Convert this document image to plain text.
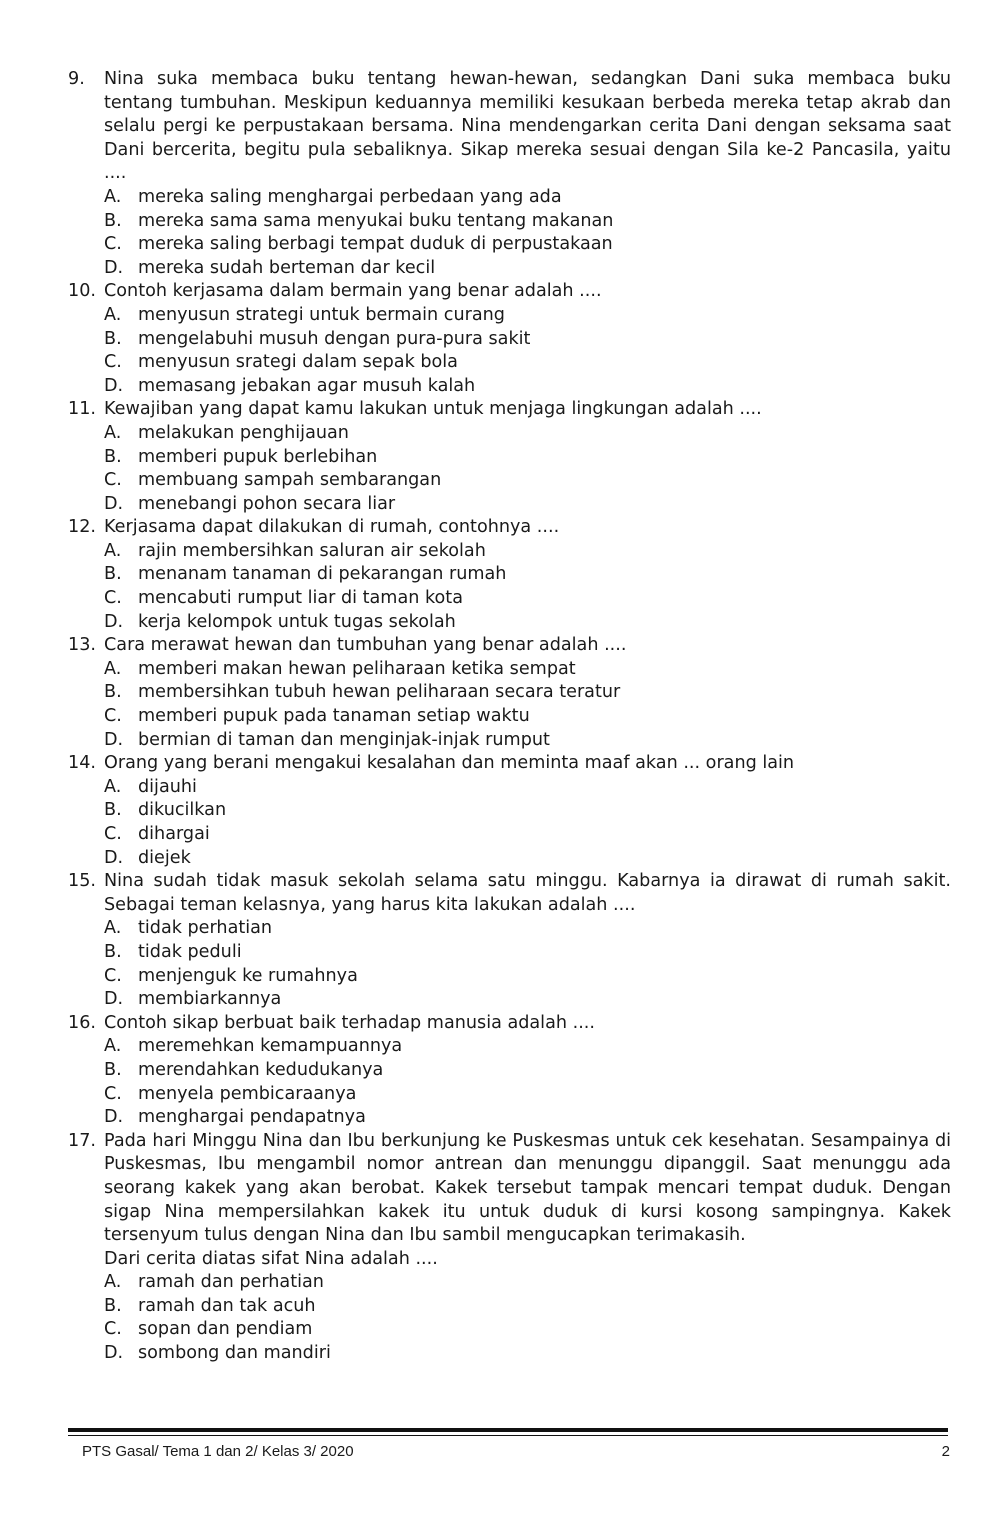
9.	Nina suka membaca buku tentang hewan-hewan, sedangkan Dani suka membaca buku tentang tumbuhan. Meskipun keduannya memiliki kesukaan berbeda mereka tetap akrab dan selalu pergi ke perpustakaan bersama. Nina mendengarkan cerita Dani dengan seksama saat Dani bercerita, begitu pula sebaliknya. Sikap mereka sesuai dengan Sila ke-2 Pancasila, yaitu ....
A. mereka saling menghargai perbedaan yang ada
B. mereka sama sama menyukai buku tentang makanan
C. mereka saling berbagi tempat duduk di perpustakaan
D. mereka sudah berteman dar kecil
10. Contoh kerjasama dalam bermain yang benar adalah ....
A. menyusun strategi untuk bermain curang
B. mengelabuhi musuh dengan pura-pura sakit
C. menyusun srategi dalam sepak bola
D. memasang jebakan agar musuh kalah
11. Kewajiban yang dapat kamu lakukan untuk menjaga lingkungan adalah ....
A. melakukan penghijauan
B. memberi pupuk berlebihan
C. membuang sampah sembarangan
D. menebangi pohon secara liar
12. Kerjasama dapat dilakukan di rumah, contohnya ....
A. rajin membersihkan saluran air sekolah
B. menanam tanaman di pekarangan rumah
C. mencabuti rumput liar di taman kota
D. kerja kelompok untuk tugas sekolah
13. Cara merawat hewan dan tumbuhan yang benar adalah ....
A. memberi makan hewan peliharaan ketika sempat
B. membersihkan tubuh hewan peliharaan secara teratur
C. memberi pupuk pada tanaman setiap waktu
D. bermian di taman dan menginjak-injak rumput
14. Orang yang berani mengakui kesalahan dan meminta maaf akan ... orang lain
A. dijauhi
B. dikucilkan
C. dihargai
D. diejek
15. Nina sudah tidak masuk sekolah selama satu minggu. Kabarnya ia dirawat di rumah sakit. Sebagai teman kelasnya, yang harus kita lakukan adalah ....
A. tidak perhatian
B. tidak peduli
C. menjenguk ke rumahnya
D. membiarkannya
16. Contoh sikap berbuat baik terhadap manusia adalah ....
A. meremehkan kemampuannya
B. merendahkan kedudukanya
C. menyela pembicaraanya
D. menghargai pendapatnya
17. Pada hari Minggu Nina dan Ibu berkunjung ke Puskesmas untuk cek kesehatan. Sesampainya di Puskesmas, Ibu mengambil nomor antrean dan menunggu dipanggil. Saat menunggu ada seorang kakek yang akan berobat. Kakek tersebut tampak mencari tempat duduk. Dengan sigap Nina mempersilahkan kakek itu untuk duduk di kursi kosong sampingnya. Kakek tersenyum tulus dengan Nina dan Ibu sambil mengucapkan terimakasih.
Dari cerita diatas sifat Nina adalah ....
A. ramah dan perhatian
B. ramah dan tak acuh
C. sopan dan pendiam
D. sombong dan mandiri
PTS Gasal/ Tema 1 dan 2/ Kelas 3/ 2020	2
